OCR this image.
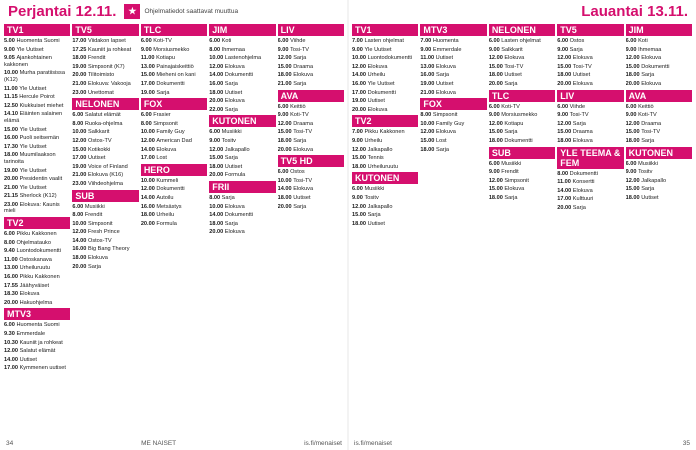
Perjantai 12.11.	★	Ohjelmatiedot saattavat muuttua	Lauantai 13.11.
TV1
5.00 Huomenta Suomi
9.00 Yle Uutiset
9.05 Ajankohtainen kakkonen
10.00 Murha paratiisissa (K12)
11.00 Yle Uutiset
11.15 Hercule Poirot
12.50 Kiukkuiset miehet
14.10 Eläinten salainen elämä
15.00 Yle Uutiset
16.00 Puoli seitsemän
17.30 Yle Uutiset
18.00 Muumilaakson tarinoita
19.00 Yle Uutiset
20.00 Presidentin vaalit
21.00 Yle Uutiset
21.15 Sherlock (K12)
23.00 Elokuva: Kaunis mieli
TV2
6.00 Pikku Kakkonen
8.00 Ohjelmatauko
9.40 Luontodokumentti
11.00 Ostoskanava
13.00 Urheiluruutu
16.00 Pikku Kakkonen
17.55 Jäähyväiset
18.30 Elokuva
20.00 Hakuohjelma
MTV3
6.00 Huomenta Suomi
9.30 Emmerdale
10.30 Kauniit ja rohkeat
12.00 Salatut elämät
14.00 Uutiset
17.00 Kymmenen uutiset
TV5
17.00 Viidakon lapset
17.25 Kauniit ja rohkeat
18.00 Frendit
19.00 Simpsonit (K7)
20.00 Tilitoimisto
21.00 Elokuva: Vakooja
23.00 Unettomat
NELONEN
6.00 Salatut elämät
8.00 Ruoka-ohjelma
10.00 Salkkarit
12.00 Ostos-TV
15.00 Kotikokki
17.00 Uutiset
19.00 Voice of Finland
21.00 Elokuva (K16)
23.00 Viihdeohjelma
SUB
6.00 Musiikki
8.00 Frendit
10.00 Simpsonit
12.00 Fresh Prince
14.00 Ostos-TV
16.00 Big Bang Theory
18.00 Elokuva
20.00 Sarja
TLC
6.00 Koti-TV
9.00 Morsiusmekko
11.00 Kotiapu
13.00 Painajaiskeittiö
15.00 Mieheni on kani
17.00 Dokumentti
19.00 Sarja
FOX
6.00 Frasier
8.00 Simpsonit
10.00 Family Guy
12.00 American Dad
14.00 Elokuva
17.00 Lost
HERO
10.00 Kummeli
12.00 Dokumentti
14.00 Autoilu
16.00 Metsästys
18.00 Urheilu
20.00 Formula
JIM
6.00 Koti
8.00 Ihmemaa
10.00 Lastenohjelma
12.00 Elokuva
14.00 Dokumentti
16.00 Sarja
18.00 Uutiset
20.00 Elokuva
22.00 Sarja
KUTONEN
6.00 Musiikki
9.00 Tositv
12.00 Jalkapallo
15.00 Sarja
18.00 Uutiset
20.00 Formula
FRII
8.00 Sarja
10.00 Elokuva
14.00 Dokumentti
18.00 Sarja
20.00 Elokuva
LIV
6.00 Viihde
9.00 Tosi-TV
12.00 Sarja
15.00 Draama
18.00 Elokuva
21.00 Sarja
AVA
6.00 Keittiö
9.00 Koti-TV
12.00 Draama
15.00 Tosi-TV
18.00 Sarja
20.00 Elokuva
TV5 HD
6.00 Ostos
10.00 Tosi-TV
14.00 Elokuva
18.00 Uutiset
20.00 Sarja
TV1
7.00 Lasten ohjelmat
9.00 Yle Uutiset
10.00 Luontodokumentti
12.00 Elokuva
14.00 Urheilu
16.00 Yle Uutiset
17.00 Dokumentti
19.00 Uutiset
20.00 Elokuva
TV2
7.00 Pikku Kakkonen
9.00 Urheilu
12.00 Jalkapallo
15.00 Tennis
18.00 Urheiluruutu
KUTONEN
6.00 Musiikki
9.00 Tositv
12.00 Jalkapallo
15.00 Sarja
18.00 Uutiset
MTV3
7.00 Huomenta
9.00 Emmerdale
11.00 Uutiset
13.00 Elokuva
16.00 Sarja
19.00 Uutiset
21.00 Elokuva
FOX
8.00 Simpsonit
10.00 Family Guy
12.00 Elokuva
15.00 Lost
18.00 Sarja
NELONEN
6.00 Lasten ohjelmat
9.00 Salkkarit
12.00 Elokuva
15.00 Tosi-TV
18.00 Uutiset
20.00 Sarja
TLC
6.00 Koti-TV
9.00 Morsiusmekko
12.00 Kotiapu
15.00 Sarja
18.00 Dokumentti
SUB
6.00 Musiikki
9.00 Frendit
12.00 Simpsonit
15.00 Elokuva
18.00 Sarja
TV5
6.00 Ostos
9.00 Sarja
12.00 Elokuva
15.00 Tosi-TV
18.00 Uutiset
20.00 Elokuva
LIV
6.00 Viihde
9.00 Tosi-TV
12.00 Sarja
15.00 Draama
18.00 Elokuva
YLE TEEMA & FEM
8.00 Dokumentti
11.00 Konsertti
14.00 Elokuva
17.00 Kulttuuri
20.00 Sarja
JIM
6.00 Koti
9.00 Ihmemaa
12.00 Elokuva
15.00 Dokumentti
18.00 Sarja
20.00 Elokuva
AVA
6.00 Keittiö
9.00 Koti-TV
12.00 Draama
15.00 Tosi-TV
18.00 Sarja
KUTONEN
6.00 Musiikki
9.00 Tositv
12.00 Jalkapallo
15.00 Sarja
18.00 Uutiset
34	ME NAISET	is.fi/menaiset is.fi/menaiset	35
